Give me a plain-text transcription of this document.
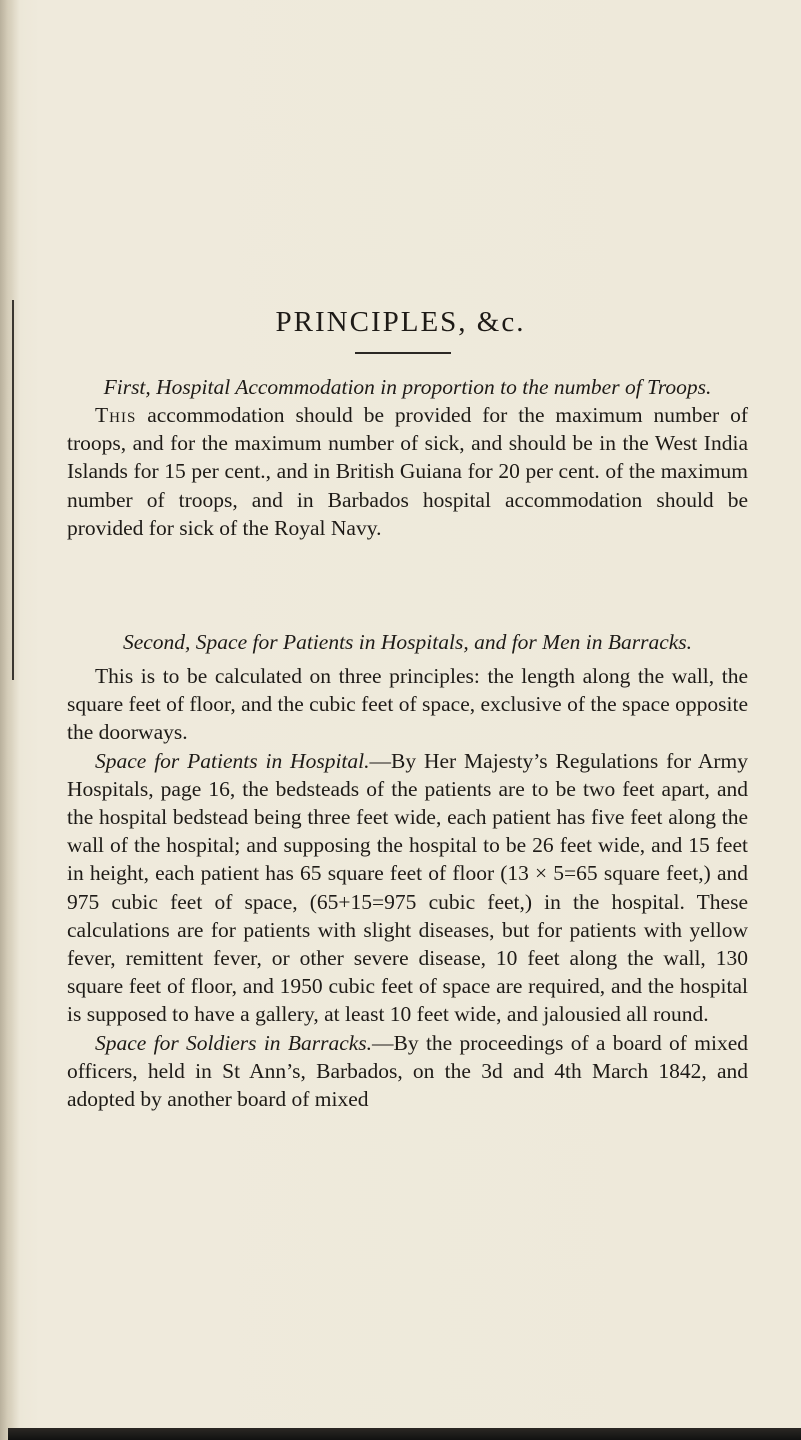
PRINCIPLES, &c.

First, Hospital Accommodation in proportion to the number of Troops.

This accommodation should be provided for the maximum number of troops, and for the maximum number of sick, and should be in the West India Islands for 15 per cent., and in British Guiana for 20 per cent. of the maximum number of troops, and in Barbados hospital accommodation should be provided for sick of the Royal Navy.

Second, Space for Patients in Hospitals, and for Men in Barracks.

This is to be calculated on three principles: the length along the wall, the square feet of floor, and the cubic feet of space, exclusive of the space opposite the doorways.

Space for Patients in Hospital.—By Her Majesty’s Regulations for Army Hospitals, page 16, the bedsteads of the patients are to be two feet apart, and the hospital bedstead being three feet wide, each patient has five feet along the wall of the hospital; and supposing the hospital to be 26 feet wide, and 15 feet in height, each patient has 65 square feet of floor (13 × 5=65 square feet,) and 975 cubic feet of space, (65+15=975 cubic feet,) in the hospital. These calculations are for patients with slight diseases, but for patients with yellow fever, remittent fever, or other severe disease, 10 feet along the wall, 130 square feet of floor, and 1950 cubic feet of space are required, and the hospital is supposed to have a gallery, at least 10 feet wide, and jalousied all round.

Space for Soldiers in Barracks.—By the proceedings of a board of mixed officers, held in St Ann’s, Barbados, on the 3d and 4th March 1842, and adopted by another board of mixed
